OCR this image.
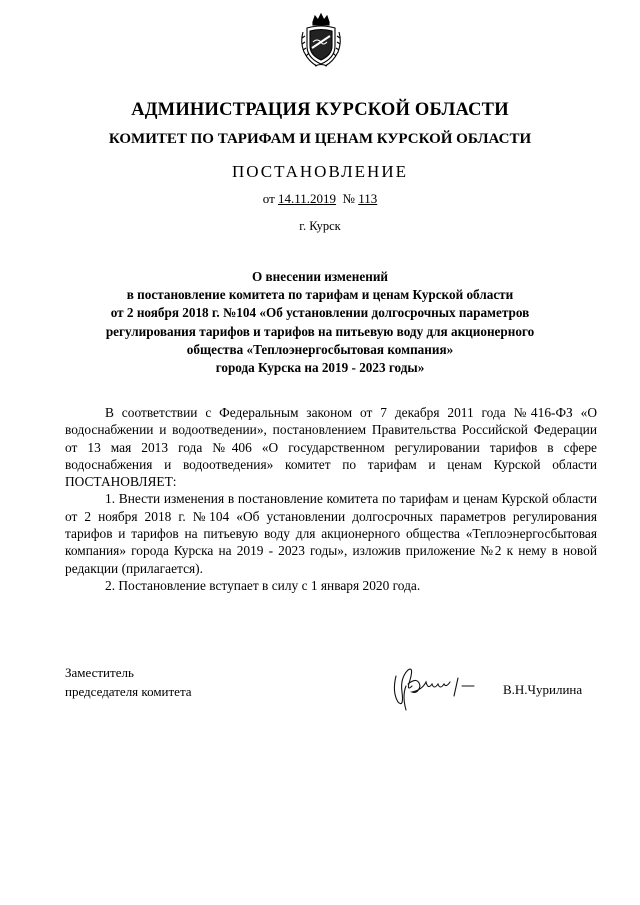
АДМИНИСТРАЦИЯ КУРСКОЙ ОБЛАСТИ
КОМИТЕТ ПО ТАРИФАМ И ЦЕНАМ КУРСКОЙ ОБЛАСТИ
ПОСТАНОВЛЕНИЕ
от 14.11.2019 № 113
г. Курск
О внесении изменений
в постановление комитета по тарифам и ценам Курской области
от 2 ноября 2018 г. №104 «Об установлении долгосрочных параметров
регулирования тарифов и тарифов на питьевую воду для акционерного
общества «Теплоэнергосбытовая компания»
города Курска на 2019 - 2023 годы»

В соответствии с Федеральным законом от 7 декабря 2011 года №416-ФЗ «О водоснабжении и водоотведении», постановлением Правительства Российской Федерации от 13 мая 2013 года №406 «О государственном регулировании тарифов в сфере водоснабжения и водоотведения» комитет по тарифам и ценам Курской области ПОСТАНОВЛЯЕТ:

1. Внести изменения в постановление комитета по тарифам и ценам Курской области от 2 ноября 2018 г. №104 «Об установлении долгосрочных параметров регулирования тарифов и тарифов на питьевую воду для акционерного общества «Теплоэнергосбытовая компания» города Курска на 2019 - 2023 годы», изложив приложение №2 к нему в новой редакции (прилагается).

2. Постановление вступает в силу с 1 января 2020 года.

Заместитель
председателя комитета	В.Н.Чурилина
